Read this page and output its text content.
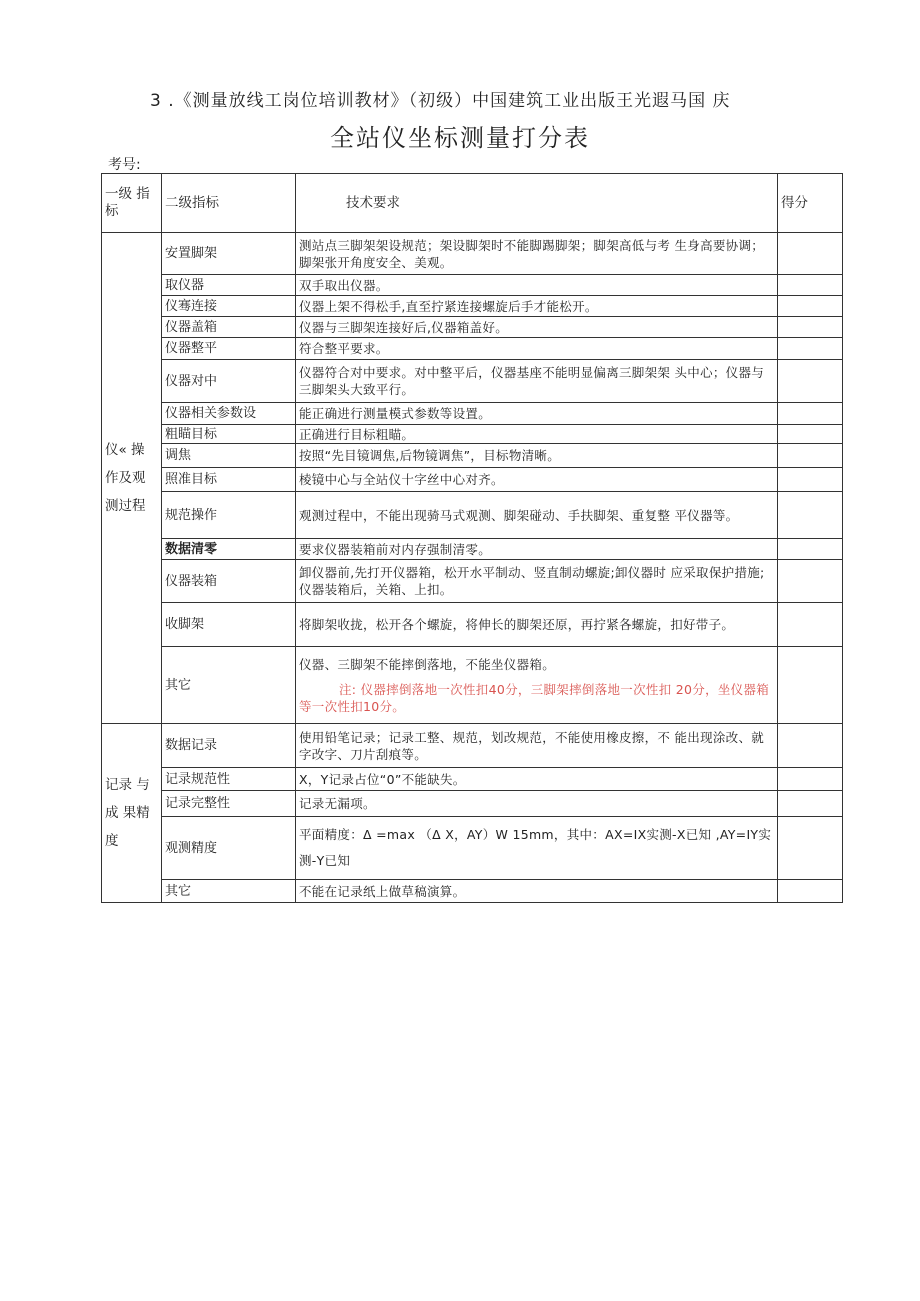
3 .《测量放线工岗位培训教材》（初级）中国建筑工业出版王光遐马国 庆
全站仪坐标测量打分表
考号:
一级 指标	二级指标	技术要求	得分
仪« 操作及观 测过程	安置脚架	测站点三脚架架设规范；架设脚架时不能脚踢脚架；脚架高低与考 生身高要协调；脚架张开角度安全、美观。	
	取仪器	双手取出仪器。	
	仪骞连接	仪器上架不得松手,直至拧紧连接螺旋后手才能松开。	
	仪器盖箱	仪器与三脚架连接好后,仪器箱盖好。	
	仪器整平	符合整平要求。	
	仪器对中	仪器符合对中要求。对中整平后，仪器基座不能明显偏离三脚架架 头中心；仪器与三脚架头大致平行。	
	仪器相关参数设	能正确进行测量模式参数等设置。	
	粗瞄目标	正确进行目标粗瞄。	
	调焦	按照“先目镜调焦,后物镜调焦”，目标物清晰。	
	照准目标	棱镜中心与全站仪十字丝中心对齐。	
	规范操作	观测过程中，不能出现骑马式观测、脚架碰动、手扶脚架、重复整 平仪器等。	
	数据清零	要求仪器装箱前对内存强制清零。	
	仪器装箱	卸仪器前,先打开仪器箱，松开水平制动、竖直制动螺旋;卸仪器时 应采取保护措施;仪器装箱后，关箱、上扣。	
	收脚架	将脚架收拢，松开各个螺旋，将伸长的脚架还原，再拧紧各螺旋，扣好带子。	
	其它	仪器、三脚架不能摔倒落地，不能坐仪器箱。
注: 仪器摔倒落地一次性扣40分，三脚架摔倒落地一次性扣 20分，坐仪器箱等一次性扣10分。	

记录 与成 果精度	数据记录	使用铅笔记录；记录工整、规范，划改规范，不能使用橡皮擦，不 能出现涂改、就字改字、刀片刮痕等。	
	记录规范性	X，Y记录占位“0”不能缺失。	
	记录完整性	记录无漏项。	
	观测精度	平面精度：Δ =max （Δ X，AY）W 15mm，其中：AX=IX实测-X已知 ,AY=IY实测-Y已知	
	其它	不能在记录纸上做草稿演算。	
